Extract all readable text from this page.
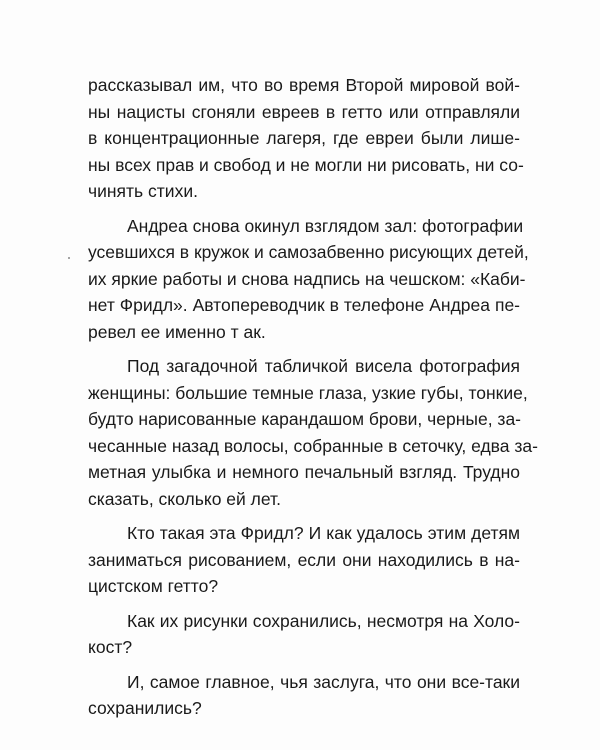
рассказывал им, что во время Второй мировой вой-
ны нацисты сгоняли евреев в гетто или отправляли
в концентрационные лагеря, где евреи были лише-
ны всех прав и свобод и не могли ни рисовать, ни со-
чинять стихи.
Андреа снова окинул взглядом зал: фотографии
усевшихся в кружок и самозабвенно рисующих детей,
их яркие работы и снова надпись на чешском: «Каби-
нет Фридл». Автопереводчик в телефоне Андреа пе-
ревел ее именно т ак.
Под загадочной табличкой висела фотография
женщины: большие темные глаза, узкие губы, тонкие,
будто нарисованные карандашом брови, черные, за-
чесанные назад волосы, собранные в сеточку, едва за-
метная улыбка и немного печальный взгляд. Трудно
сказать, сколько ей лет.
Кто такая эта Фридл? И как удалось этим детям
заниматься рисованием, если они находились в на-
цистском гетто?
Как их рисунки сохранились, несмотря на Холо-
кост?
И, самое главное, чья заслуга, что они все-таки
сохранились?
